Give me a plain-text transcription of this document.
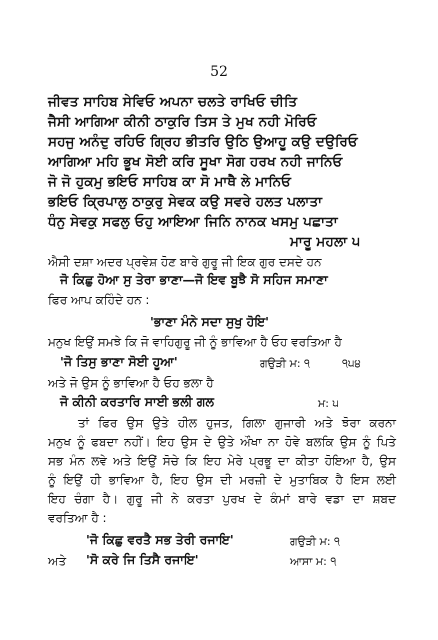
52
ਜੀਵਤ ਸਾਹਿਬ ਸੇਵਿਓ ਅਪਨਾ ਚਲਤੇ ਰਾਖਿਓ ਚੀਤਿ
ਜੈਸੀ ਆਗਿਆ ਕੀਨੀ ਠਾਕੁਰਿ ਤਿਸ ਤੇ ਮੁਖ ਨਹੀ ਮੋਰਿਓ
ਸਹਜੁ ਅਨੰਦੁ ਰਹਿਓ ਗ੍ਰਿਹ ਭੀਤਰਿ ਉਠਿ ਉਆਹੂ ਕਉ ਦਉਰਿਓ
ਆਗਿਆ ਮਹਿ ਭੂਖ ਸੋਈ ਕਰਿ ਸੂਖਾ ਸੋਗ ਹਰਖ ਨਹੀ ਜਾਨਿਓ
ਜੋ ਜੋ ਹੁਕਮੁ ਭਇਓ ਸਾਹਿਬ ਕਾ ਸੋ ਮਾਥੈ ਲੇ ਮਾਨਿਓ
ਭਇਓ ਕ੍ਰਿਪਾਲੁ ਠਾਕੁਰੁ ਸੇਵਕ ਕਉ ਸਵਰੇ ਹਲਤ ਪਲਾਤਾ
ਧੰਨੁ ਸੇਵਕੁ ਸਫਲੁ ਓਹੁ ਆਇਆ ਜਿਨਿ ਨਾਨਕ ਖਸਮੁ ਪਛਾਤਾ
ਮਾਰੂ ਮਹਲਾ ੫
ਐਸੀ ਦਸ਼ਾ ਅਦਰ ਪ੍ਰਵੇਸ਼ ਹੋਣ ਬਾਰੇ ਗੁਰੂ ਜੀ ਇਕ ਗੁਰ ਦਸਦੇ ਹਨ
ਜੋ ਕਿਛੁ ਹੋਆ ਸੁ ਤੇਰਾ ਭਾਣਾ—ਜੋ ਇਵ ਬੂਝੈ ਸੋ ਸਹਿਜ ਸਮਾਣਾ
ਫਿਰ ਆਪ ਕਹਿੰਦੇ ਹਨ :
'ਭਾਣਾ ਮੰਨੇ ਸਦਾ ਸੁਖੁ ਹੋਇ'
ਮਨੁਖ ਇਉਂ ਸਮਝੇ ਕਿ ਜੋ ਵਾਹਿਗੁਰੂ ਜੀ ਨੂੰ ਭਾਵਿਆ ਹੈ ਓਹ ਵਰਤਿਆ ਹੈ
'ਜੋ ਤਿਸੁ ਭਾਣਾ ਸੋਈ ਹੂਆ'	ਗਉੜੀ ਮ: ੧	੧੫੪
ਅਤੇ ਜੋ ਉਸ ਨੂੰ ਭਾਵਿਆ ਹੈ ਓਹ ਭਲਾ ਹੈ
ਜੋ ਕੀਨੀ ਕਰਤਾਰਿ ਸਾਈ ਭਲੀ ਗਲ	ਮ: ੫
ਤਾਂ ਫਿਰ ਉਸ ਉਤੇ ਹੀਲ ਹੁਜਤ, ਗਿਲਾ ਗੁਜਾਰੀ ਅਤੇ ਝੋਰਾ ਕਰਨਾ
ਮਨੁਖ ਨੂੰ ਫਬਦਾ ਨਹੀਂ। ਇਹ ਉਸ ਦੇ ਉਤੇ ਔਖਾ ਨਾ ਹੋਵੇ ਬਲਕਿ ਉਸ ਨੂੰ ਪਿਤੇ
ਸਭ ਮੰਨ ਲਵੇ ਅਤੇ ਇਉਂ ਸੋਚੇ ਕਿ ਇਹ ਮੇਰੇ ਪ੍ਰਭੂ ਦਾ ਕੀਤਾ ਹੋਇਆ ਹੈ, ਉਸ
ਨੂੰ ਇਉਂ ਹੀ ਭਾਵਿਆ ਹੈ, ਇਹ ਉਸ ਦੀ ਮਰਜ਼ੀ ਦੇ ਮੁਤਾਬਿਕ ਹੈ ਇਸ ਲਈ
ਇਹ ਚੰਗਾ ਹੈ। ਗੁਰੂ ਜੀ ਨੇ ਕਰਤਾ ਪੁਰਖ ਦੇ ਕੰਮਾਂ ਬਾਰੇ ਵਡਾ ਦਾ ਸ਼ਬਦ
ਵਰਤਿਆ ਹੈ :
'ਜੋ ਕਿਛੁ ਵਰਤੈ ਸਭ ਤੇਰੀ ਰਜਾਇ'	ਗਉੜੀ ਮ: ੧
ਅਤੇ 'ਸੋ ਕਰੇ ਜਿ ਤਿਸੈ ਰਜਾਇ'	ਆਸਾ ਮ: ੧
